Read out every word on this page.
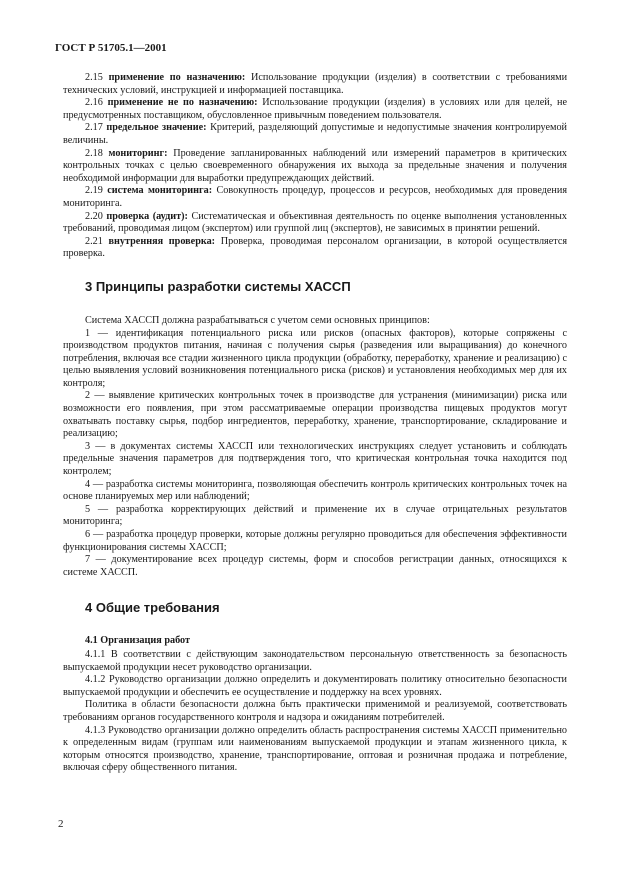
ГОСТ Р 51705.1—2001

2.15 применение по назначению: Использование продукции (изделия) в соответствии с требованиями технических условий, инструкцией и информацией поставщика.

2.16 применение не по назначению: Использование продукции (изделия) в условиях или для целей, не предусмотренных поставщиком, обусловленное привычным поведением пользователя.

2.17 предельное значение: Критерий, разделяющий допустимые и недопустимые значения контролируемой величины.

2.18 мониторинг: Проведение запланированных наблюдений или измерений параметров в критических контрольных точках с целью своевременного обнаружения их выхода за предельные значения и получения необходимой информации для выработки предупреждающих действий.

2.19 система мониторинга: Совокупность процедур, процессов и ресурсов, необходимых для проведения мониторинга.

2.20 проверка (аудит): Систематическая и объективная деятельность по оценке выполнения установленных требований, проводимая лицом (экспертом) или группой лиц (экспертов), не зависимых в принятии решений.

2.21 внутренняя проверка: Проверка, проводимая персоналом организации, в которой осуществляется проверка.

3 Принципы разработки системы ХАССП

Система ХАССП должна разрабатываться с учетом семи основных принципов:

1 — идентификация потенциального риска или рисков (опасных факторов), которые сопряжены с производством продуктов питания, начиная с получения сырья (разведения или выращивания) до конечного потребления, включая все стадии жизненного цикла продукции (обработку, переработку, хранение и реализацию) с целью выявления условий возникновения потенциального риска (рисков) и установления необходимых мер для их контроля;

2 — выявление критических контрольных точек в производстве для устранения (минимизации) риска или возможности его появления, при этом рассматриваемые операции производства пищевых продуктов могут охватывать поставку сырья, подбор ингредиентов, переработку, хранение, транспортирование, складирование и реализацию;

3 — в документах системы ХАССП или технологических инструкциях следует установить и соблюдать предельные значения параметров для подтверждения того, что критическая контрольная точка находится под контролем;

4 — разработка системы мониторинга, позволяющая обеспечить контроль критических контрольных точек на основе планируемых мер или наблюдений;

5 — разработка корректирующих действий и применение их в случае отрицательных результатов мониторинга;

6 — разработка процедур проверки, которые должны регулярно проводиться для обеспечения эффективности функционирования системы ХАССП;

7 — документирование всех процедур системы, форм и способов регистрации данных, относящихся к системе ХАССП.

4 Общие требования

4.1 Организация работ

4.1.1 В соответствии с действующим законодательством персональную ответственность за безопасность выпускаемой продукции несет руководство организации.

4.1.2 Руководство организации должно определить и документировать политику относительно безопасности выпускаемой продукции и обеспечить ее осуществление и поддержку на всех уровнях.

Политика в области безопасности должна быть практически применимой и реализуемой, соответствовать требованиям органов государственного контроля и надзора и ожиданиям потребителей.

4.1.3 Руководство организации должно определить область распространения системы ХАССП применительно к определенным видам (группам или наименованиям выпускаемой продукции и этапам жизненного цикла, к которым относятся производство, хранение, транспортирование, оптовая и розничная продажа и потребление, включая сферу общественного питания.

2
